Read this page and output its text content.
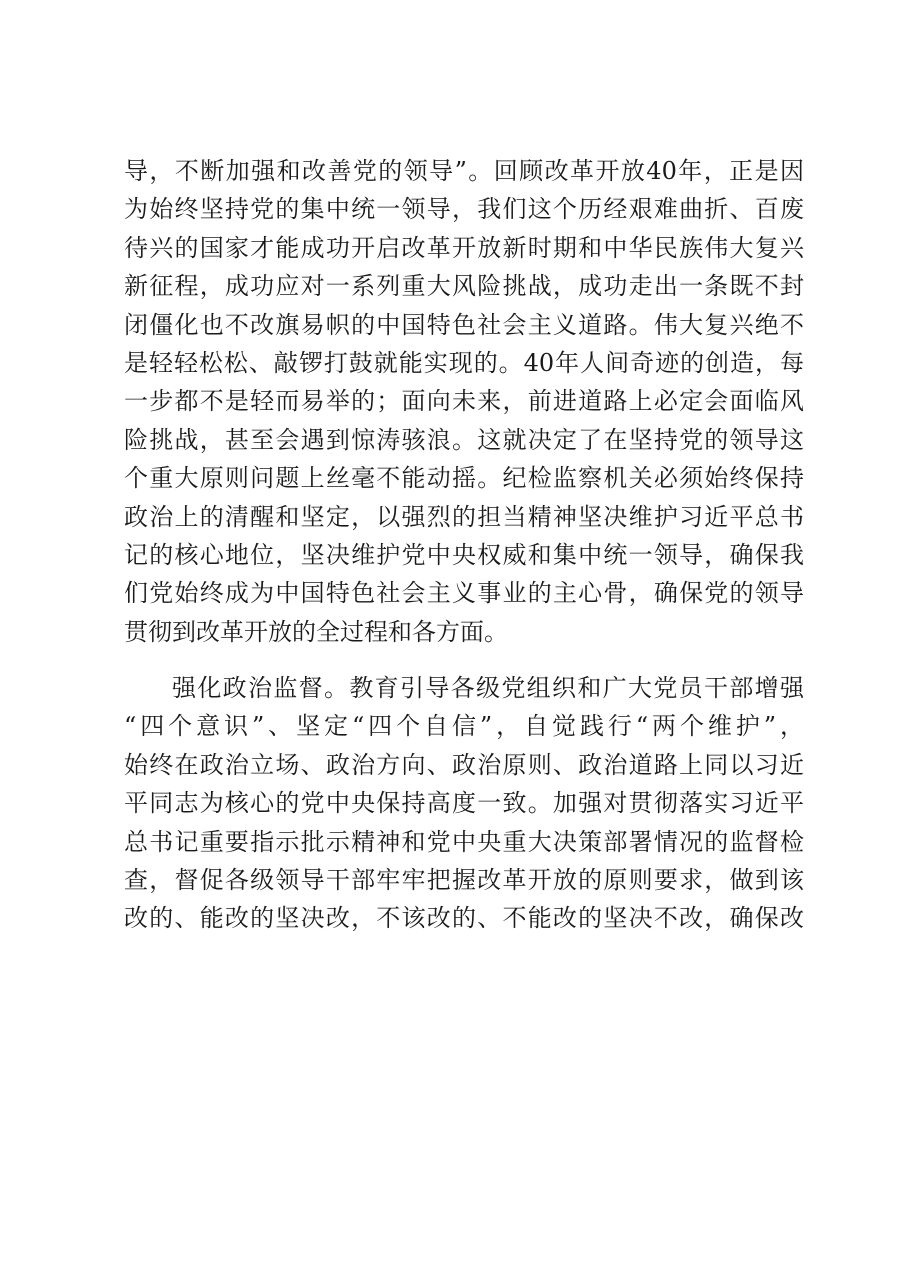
导，不断加强和改善党的领导”。回顾改革开放40年，正是因
为始终坚持党的集中统一领导，我们这个历经艰难曲折、百废
待兴的国家才能成功开启改革开放新时期和中华民族伟大复兴
新征程，成功应对一系列重大风险挑战，成功走出一条既不封
闭僵化也不改旗易帜的中国特色社会主义道路。伟大复兴绝不
是轻轻松松、敲锣打鼓就能实现的。40年人间奇迹的创造，每
一步都不是轻而易举的；面向未来，前进道路上必定会面临风
险挑战，甚至会遇到惊涛骇浪。这就决定了在坚持党的领导这
个重大原则问题上丝毫不能动摇。纪检监察机关必须始终保持
政治上的清醒和坚定，以强烈的担当精神坚决维护习近平总书
记的核心地位，坚决维护党中央权威和集中统一领导，确保我
们党始终成为中国特色社会主义事业的主心骨，确保党的领导
贯彻到改革开放的全过程和各方面。
强化政治监督。教育引导各级党组织和广大党员干部增强
“四个意识”、坚定“四个自信”，自觉践行“两个维护”，
始终在政治立场、政治方向、政治原则、政治道路上同以习近
平同志为核心的党中央保持高度一致。加强对贯彻落实习近平
总书记重要指示批示精神和党中央重大决策部署情况的监督检
查，督促各级领导干部牢牢把握改革开放的原则要求，做到该
改的、能改的坚决改，不该改的、不能改的坚决不改，确保改
